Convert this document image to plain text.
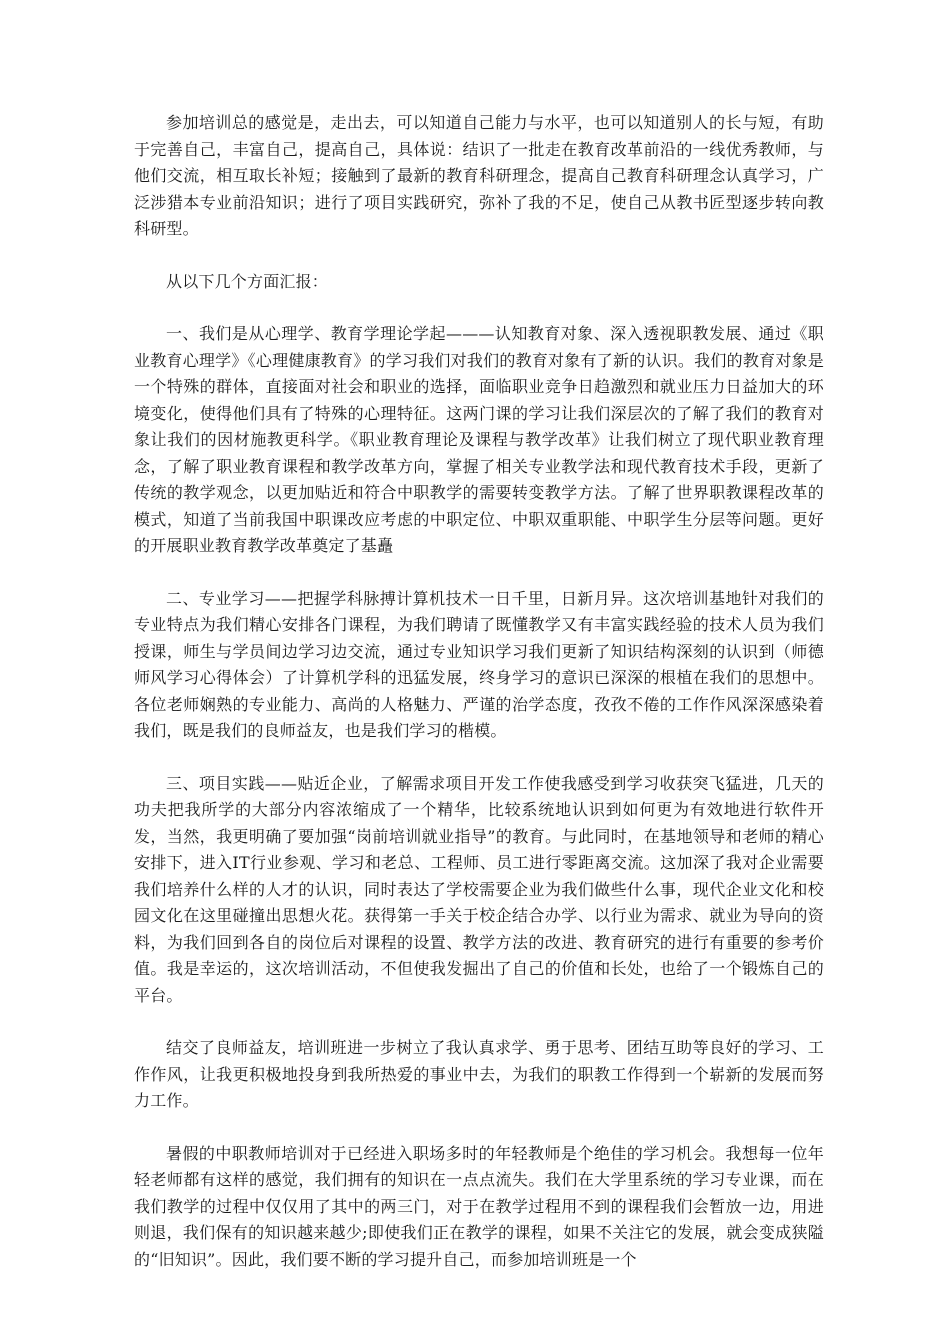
参加培训总的感觉是，走出去，可以知道自己能力与水平，也可以知道别人的长与短，有助于完善自己，丰富自己，提高自己，具体说：结识了一批走在教育改革前沿的一线优秀教师，与他们交流，相互取长补短；接触到了最新的教育科研理念，提高自己教育科研理念认真学习，广泛涉猎本专业前沿知识；进行了项目实践研究，弥补了我的不足，使自己从教书匠型逐步转向教科研型。

从以下几个方面汇报：

一、我们是从心理学、教育学理论学起———认知教育对象、深入透视职教发展、通过《职业教育心理学》《心理健康教育》的学习我们对我们的教育对象有了新的认识。我们的教育对象是一个特殊的群体，直接面对社会和职业的选择，面临职业竞争日趋激烈和就业压力日益加大的环境变化，使得他们具有了特殊的心理特征。这两门课的学习让我们深层次的了解了我们的教育对象让我们的因材施教更科学。《职业教育理论及课程与教学改革》让我们树立了现代职业教育理念，了解了职业教育课程和教学改革方向，掌握了相关专业教学法和现代教育技术手段，更新了传统的教学观念，以更加贴近和符合中职教学的需要转变教学方法。了解了世界职教课程改革的模式，知道了当前我国中职课改应考虑的中职定位、中职双重职能、中职学生分层等问题。更好的开展职业教育教学改革奠定了基矗

二、专业学习——把握学科脉搏计算机技术一日千里，日新月异。这次培训基地针对我们的专业特点为我们精心安排各门课程，为我们聘请了既懂教学又有丰富实践经验的技术人员为我们授课，师生与学员间边学习边交流，通过专业知识学习我们更新了知识结构深刻的认识到（师德师风学习心得体会）了计算机学科的迅猛发展，终身学习的意识已深深的根植在我们的思想中。各位老师娴熟的专业能力、高尚的人格魅力、严谨的治学态度，孜孜不倦的工作作风深深感染着我们，既是我们的良师益友，也是我们学习的楷模。

三、项目实践——贴近企业，了解需求项目开发工作使我感受到学习收获突飞猛进，几天的功夫把我所学的大部分内容浓缩成了一个精华，比较系统地认识到如何更为有效地进行软件开发，当然，我更明确了要加强“岗前培训就业指导”的教育。与此同时，在基地领导和老师的精心安排下，进入IT行业参观、学习和老总、工程师、员工进行零距离交流。这加深了我对企业需要我们培养什么样的人才的认识，同时表达了学校需要企业为我们做些什么事，现代企业文化和校园文化在这里碰撞出思想火花。获得第一手关于校企结合办学、以行业为需求、就业为导向的资料，为我们回到各自的岗位后对课程的设置、教学方法的改进、教育研究的进行有重要的参考价值。我是幸运的，这次培训活动，不但使我发掘出了自己的价值和长处，也给了一个锻炼自己的平台。

结交了良师益友，培训班进一步树立了我认真求学、勇于思考、团结互助等良好的学习、工作作风，让我更积极地投身到我所热爱的事业中去，为我们的职教工作得到一个崭新的发展而努力工作。

暑假的中职教师培训对于已经进入职场多时的年轻教师是个绝佳的学习机会。我想每一位年轻老师都有这样的感觉，我们拥有的知识在一点点流失。我们在大学里系统的学习专业课，而在我们教学的过程中仅仅用了其中的两三门，对于在教学过程用不到的课程我们会暂放一边，用进则退，我们保有的知识越来越少;即使我们正在教学的课程，如果不关注它的发展，就会变成狭隘的“旧知识”。因此，我们要不断的学习提升自己，而参加培训班是一个
